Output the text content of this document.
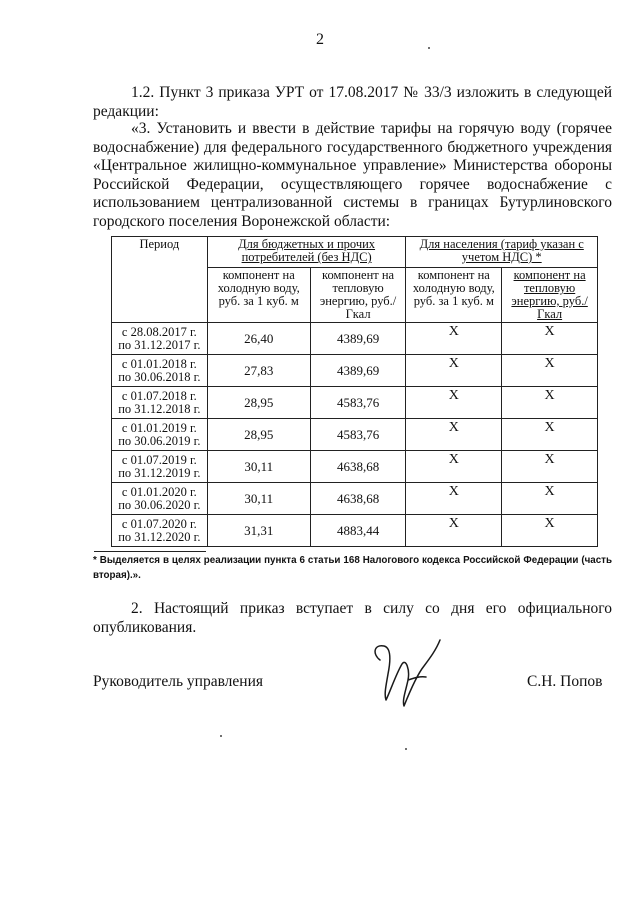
2
1.2. Пункт 3 приказа УРТ от 17.08.2017 № 33/3 изложить в следующей редакции:
«3. Установить и ввести в действие тарифы на горячую воду (горячее водоснабжение) для федерального государственного бюджетного учреждения «Центральное жилищно-коммунальное управление» Министерства обороны Российской Федерации, осуществляющего горячее водоснабжение с использованием централизованной системы в границах Бутурлиновского городского поселения Воронежской области:
Период	Для бюджетных и прочих потребителей (без НДС)		Для населения (тариф указан с учетом НДС) *	
	компонент на холодную воду, руб. за 1 куб. м	компонент на тепловую энергию, руб./Гкал	компонент на холодную воду, руб. за 1 куб. м	компонент на тепловую энергию, руб./Гкал
с 28.08.2017 г.
по 31.12.2017 г.	26,40	4389,69	X	X
с 01.01.2018 г.
по 30.06.2018 г.	27,83	4389,69	X	X
с 01.07.2018 г.
по 31.12.2018 г.	28,95	4583,76	X	X
с 01.01.2019 г.
по 30.06.2019 г.	28,95	4583,76	X	X
с 01.07.2019 г.
по 31.12.2019 г.	30,11	4638,68	X	X
с 01.01.2020 г.
по 30.06.2020 г.	30,11	4638,68	X	X
с 01.07.2020 г.
по 31.12.2020 г.	31,31	4883,44	X	X
* Выделяется в целях реализации пункта 6 статьи 168 Налогового кодекса Российской Федерации (часть вторая).».
2. Настоящий приказ вступает в силу со дня его официального опубликования.
Руководитель управления	С.Н. Попов
